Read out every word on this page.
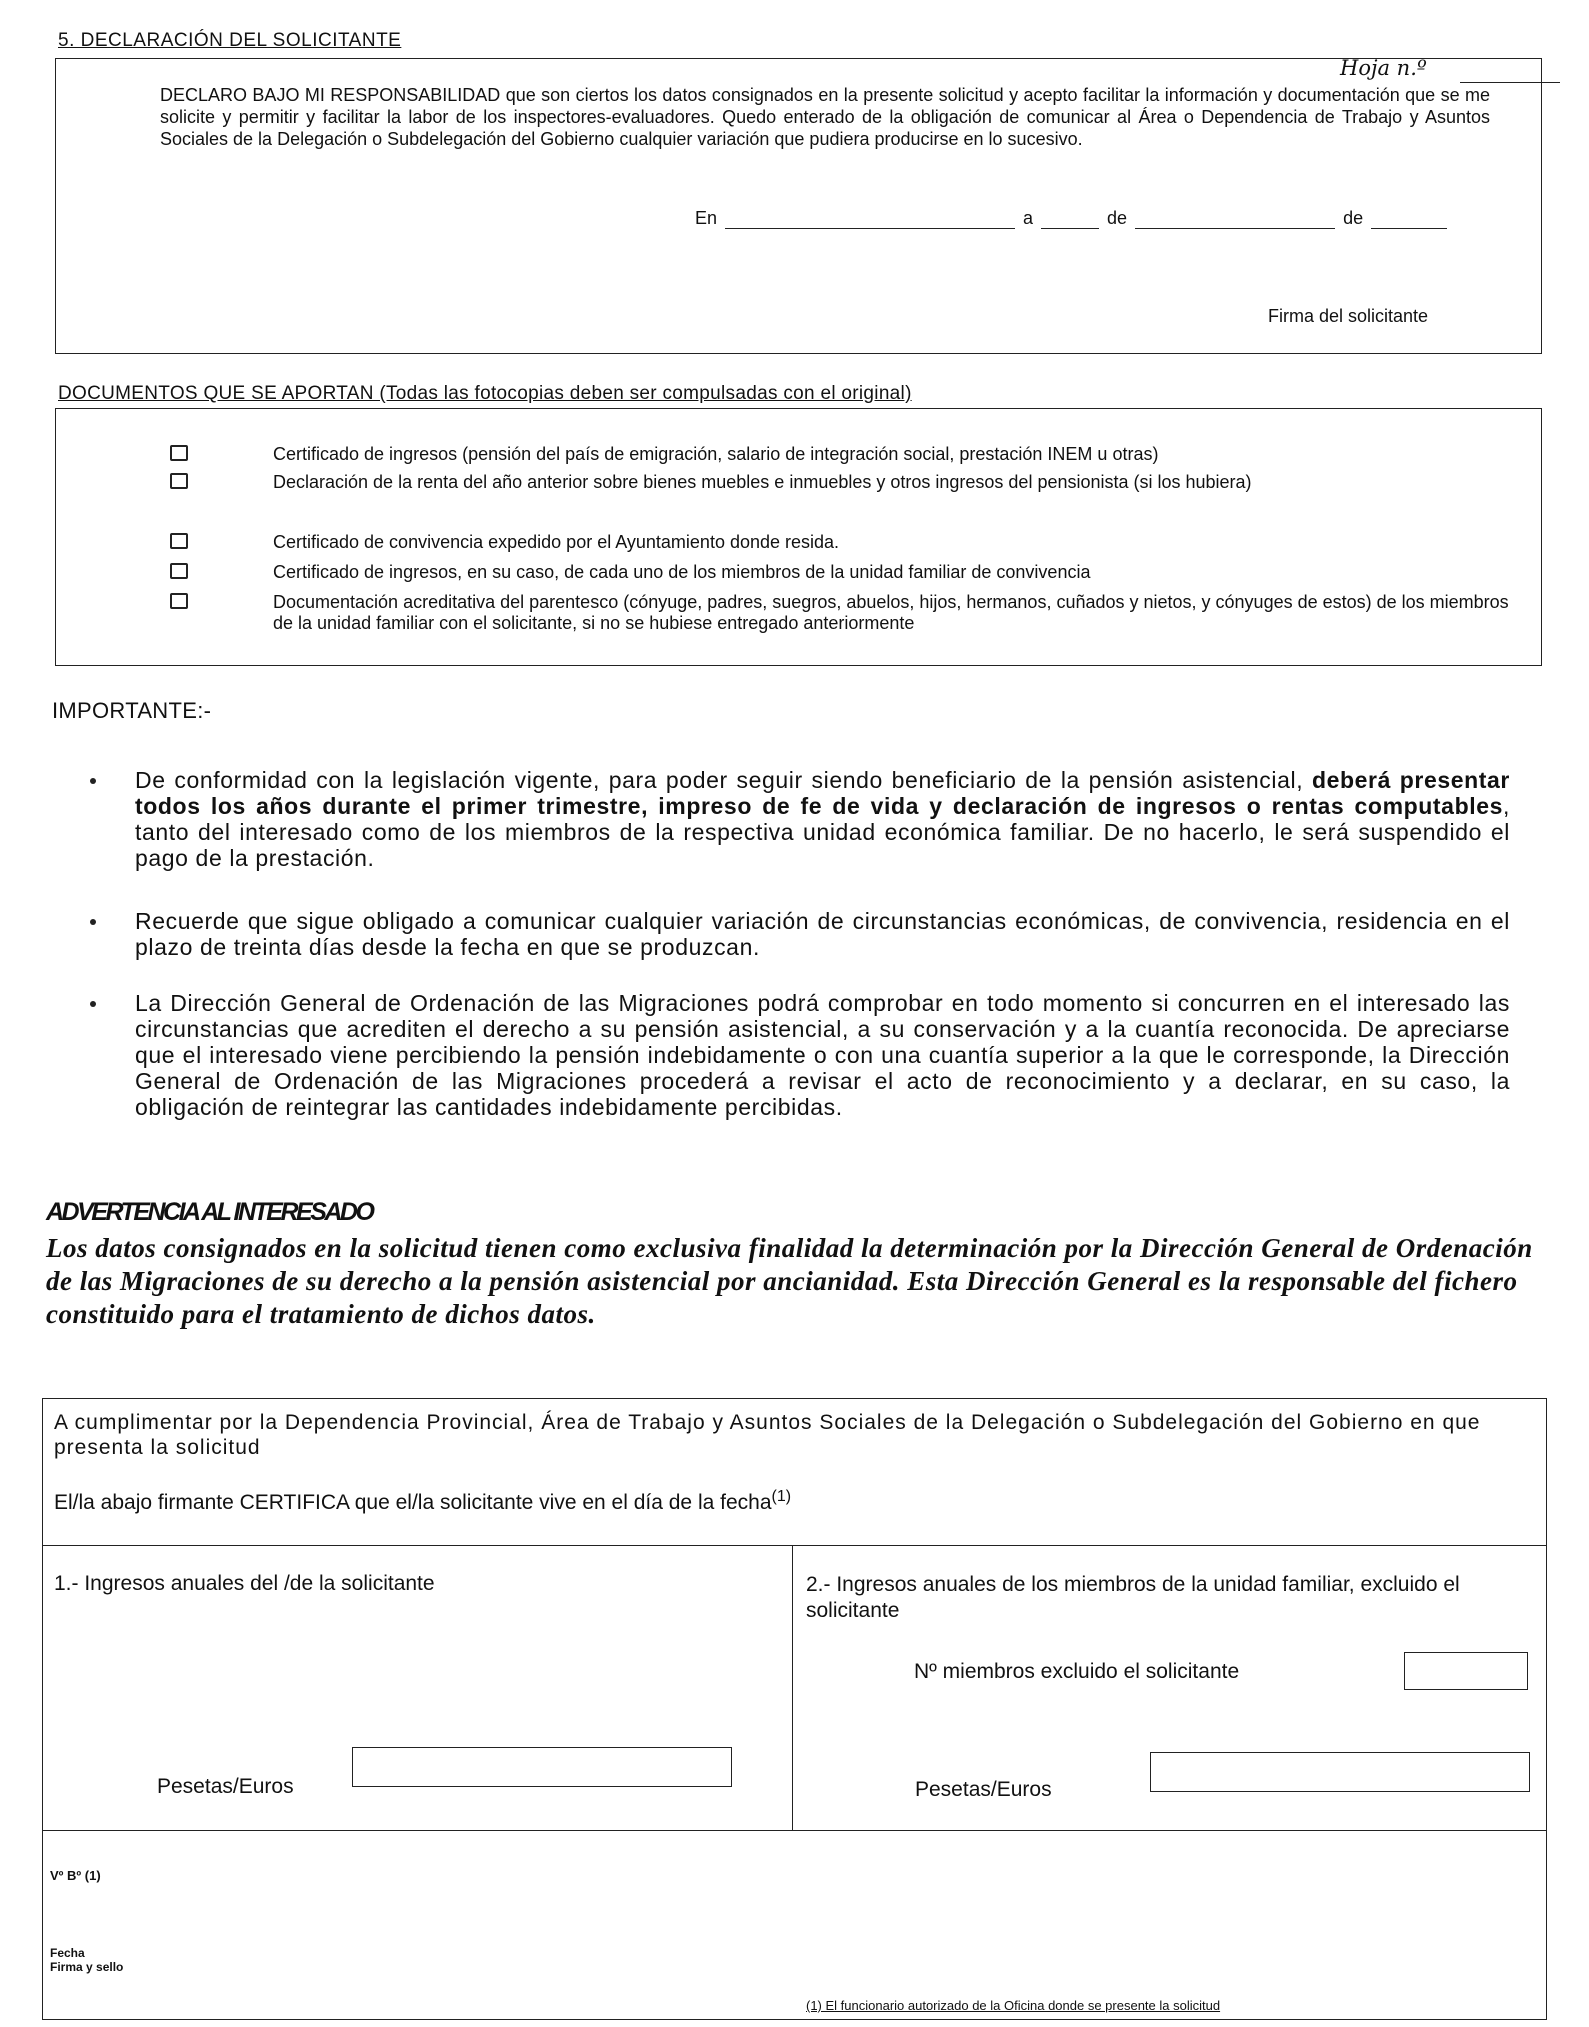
5. DECLARACIÓN DEL SOLICITANTE
Hoja n.º
DECLARO BAJO MI RESPONSABILIDAD que son ciertos los datos consignados en la presente solicitud y acepto facilitar la información y documentación que se me solicite y permitir y facilitar la labor de los inspectores-evaluadores. Quedo enterado de la obligación de comunicar al Área o Dependencia de Trabajo y Asuntos Sociales de la Delegación o Subdelegación del Gobierno cualquier variación que pudiera producirse en lo sucesivo.
En	a	de	de
Firma del solicitante
DOCUMENTOS QUE SE APORTAN (Todas las fotocopias deben ser compulsadas con el original)
Certificado de ingresos (pensión del país de emigración, salario de integración social, prestación INEM u otras)
Declaración de la renta del año anterior sobre bienes muebles e inmuebles y otros ingresos del pensionista (si los hubiera)
Certificado de convivencia expedido por el Ayuntamiento donde resida.
Certificado de ingresos, en su caso, de cada uno de los miembros de la unidad familiar de convivencia
Documentación acreditativa del parentesco (cónyuge, padres, suegros, abuelos, hijos, hermanos, cuñados y nietos, y cónyuges de estos) de los miembros de la unidad familiar con el solicitante, si no se hubiese entregado anteriormente
IMPORTANTE:-
De conformidad con la legislación vigente, para poder seguir siendo beneficiario de la pensión asistencial, deberá presentar todos los años durante el primer trimestre, impreso de fe de vida y declaración de ingresos o rentas computables, tanto del interesado como de los miembros de la respectiva unidad económica familiar. De no hacerlo, le será suspendido el pago de la prestación.
Recuerde que sigue obligado a comunicar cualquier variación de circunstancias económicas, de convivencia, residencia en el plazo de treinta días desde la fecha en que se produzcan.
La Dirección General de Ordenación de las Migraciones podrá comprobar en todo momento si concurren en el interesado las circunstancias que acrediten el derecho a su pensión asistencial, a su conservación y a la cuantía reconocida. De apreciarse que el interesado viene percibiendo la pensión indebidamente o con una cuantía superior a la que le corresponde, la Dirección General de Ordenación de las Migraciones procederá a revisar el acto de reconocimiento y a declarar, en su caso, la obligación de reintegrar las cantidades indebidamente percibidas.
ADVERTENCIA AL INTERESADO
Los datos consignados en la solicitud tienen como exclusiva finalidad la determinación por la Dirección General de Ordenación de las Migraciones de su derecho a la pensión asistencial por ancianidad. Esta Dirección General es la responsable del fichero constituido para el tratamiento de dichos datos.
A cumplimentar por la Dependencia Provincial, Área de Trabajo y Asuntos Sociales de la Delegación o Subdelegación del Gobierno en que presenta la solicitud
El/la abajo firmante CERTIFICA que el/la solicitante vive en el día de la fecha$^{(1)}$
1.- Ingresos anuales del /de la solicitante	2.- Ingresos anuales de los miembros de la unidad familiar, excluido el solicitante
Nº miembros excluido el solicitante
Pesetas/Euros	Pesetas/Euros
Vº Bº (1)
Fecha
Firma y sello
(1) El funcionario autorizado de la Oficina donde se presente la solicitud
